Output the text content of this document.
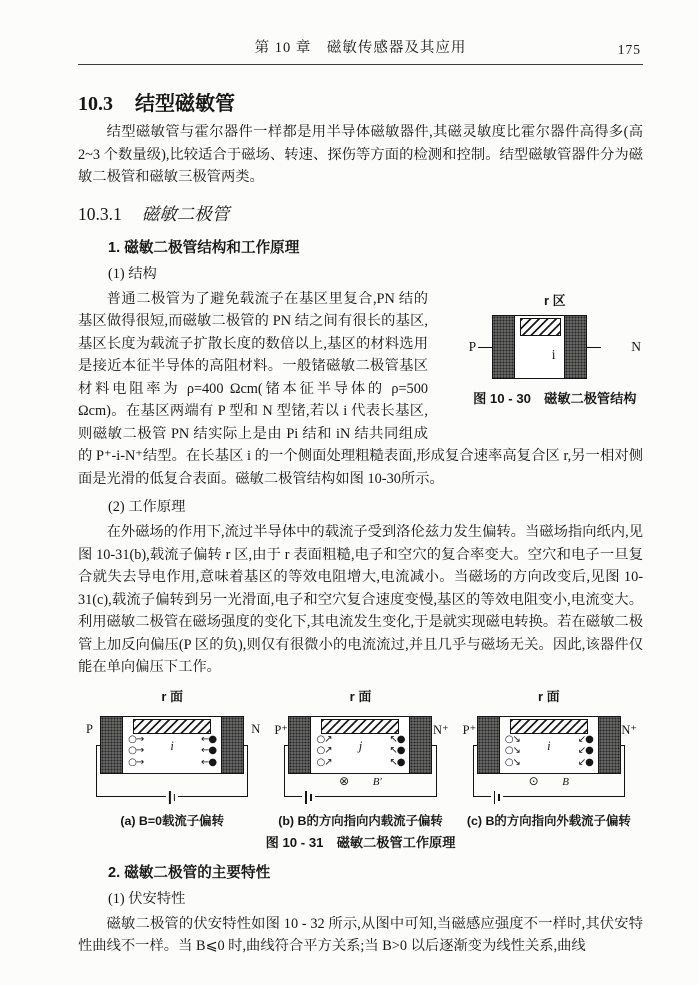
第 10 章　磁敏传感器及其应用	175
10.3 结型磁敏管

结型磁敏管与霍尔器件一样都是用半导体磁敏器件,其磁灵敏度比霍尔器件高得多(高 2~3 个数量级),比较适合于磁场、转速、探伤等方面的检测和控制。结型磁敏管器件分为磁敏二极管和磁敏三极管两类。

10.3.1 磁敏二极管
1. 磁敏二极管结构和工作原理
(1) 结构

r 区
P
i
N
图 10 - 30　磁敏二极管结构
普通二极管为了避免载流子在基区里复合,PN 结的基区做得很短,而磁敏二极管的 PN 结之间有很长的基区,基区长度为载流子扩散长度的数倍以上,基区的材料选用是接近本征半导体的高阻材料。一般锗磁敏二极管基区材料电阻率为 ρ=400 Ωcm(锗本征半导体的 ρ=500 Ωcm)。在基区两端有 P 型和 N 型锗,若以 i 代表长基区,则磁敏二极管 PN 结实际上是由 Pi 结和 iN 结共同组成的 P⁺-i-N⁺结型。在长基区 i 的一个侧面处理粗糙表面,形成复合速率高复合区 r,另一相对侧面是光滑的低复合表面。磁敏二极管结构如图 10-30所示。

(2) 工作原理

在外磁场的作用下,流过半导体中的载流子受到洛伦兹力发生偏转。当磁场指向纸内,见图 10-31(b),载流子偏转 r 区,由于 r 表面粗糙,电子和空穴的复合率变大。空穴和电子一旦复合就失去导电作用,意味着基区的等效电阻增大,电流减小。当磁场的方向改变后,见图 10-31(c),载流子偏转到另一光滑面,电子和空穴复合速度变慢,基区的等效电阻变小,电流变大。利用磁敏二极管在磁场强度的变化下,其电流发生变化,于是就实现磁电转换。若在磁敏二极管上加反向偏压(P 区的负),则仅有很微小的电流流过,并且几乎与磁场无关。因此,该器件仅能在单向偏压下工作。

r 面
P	N
○→
○→
○→
←●
←●
←●
i
(a) B=0载流子偏转
r 面
P⁺	N⁺
○↗
○↗
○↗
↖●
↖●
↖●
j
⊗ B′
(b) B的方向指向内载流子偏转
r 面
P⁺	N⁺
○↘
○↘
○↘
↙●
↙●
↙●
i
⊙ B
(c) B的方向指向外载流子偏转
图 10 - 31　磁敏二极管工作原理
2. 磁敏二极管的主要特性
(1) 伏安特性

磁敏二极管的伏安特性如图 10 - 32 所示,从图中可知,当磁感应强度不一样时,其伏安特性曲线不一样。当 B⩽0 时,曲线符合平方关系;当 B>0 以后逐渐变为线性关系,曲线
